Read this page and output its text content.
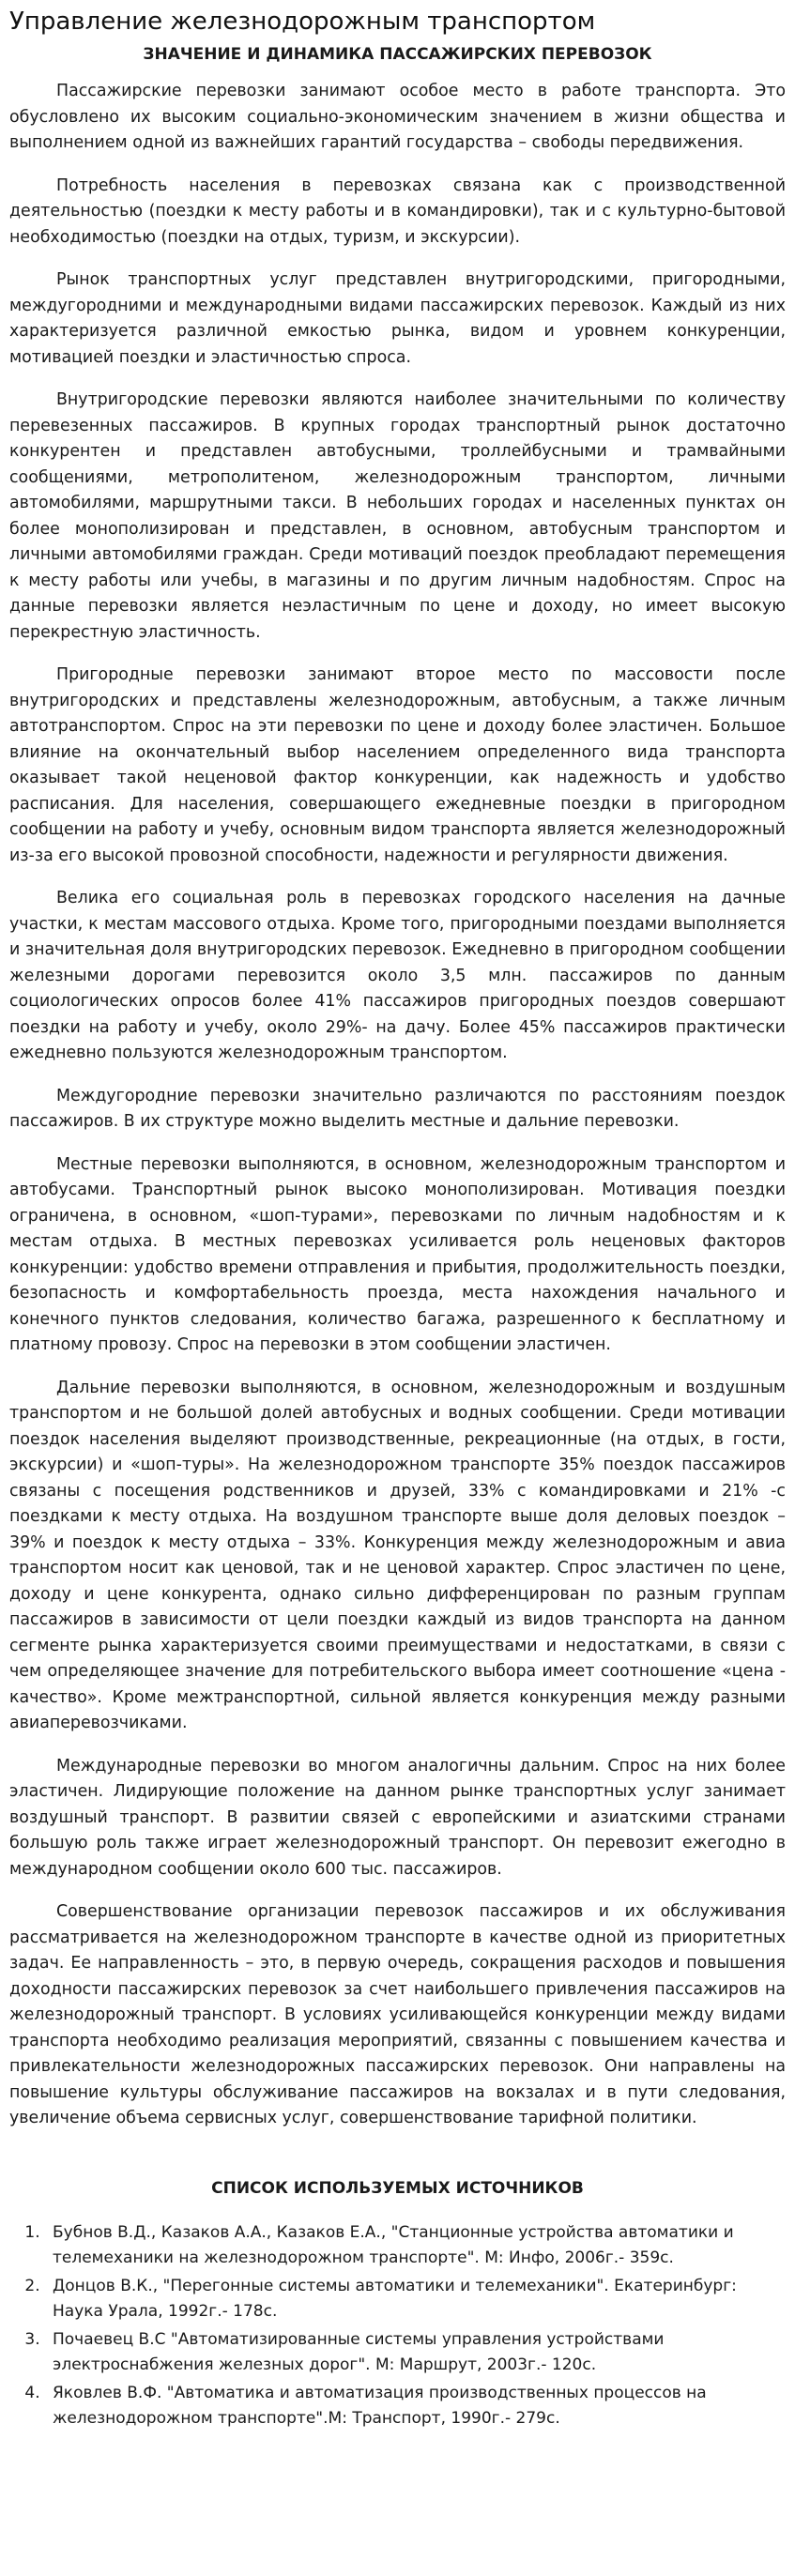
Управление железнодорожным транспортом
ЗНАЧЕНИЕ И ДИНАМИКА ПАССАЖИРСКИХ ПЕРЕВОЗОК

Пассажирские перевозки занимают особое место в работе транспорта. Это обусловлено их высоким социально-экономическим значением в жизни общества и выполнением одной из важнейших гарантий государства – свободы передвижения.

Потребность населения в перевозках связана как с производственной деятельностью (поездки к месту работы и в командировки), так и с культурно-бытовой необходимостью (поездки на отдых, туризм, и экскурсии).

Рынок транспортных услуг представлен внутригородскими, пригородными, междугородними и международными видами пассажирских перевозок. Каждый из них характеризуется различной емкостью рынка, видом и уровнем конкуренции, мотивацией поездки и эластичностью спроса.

Внутригородские перевозки являются наиболее значительными по количеству перевезенных пассажиров. В крупных городах транспортный рынок достаточно конкурентен и представлен автобусными, троллейбусными и трамвайными сообщениями, метрополитеном, железнодорожным транспортом, личными автомобилями, маршрутными такси. В небольших городах и населенных пунктах он более монополизирован и представлен, в основном, автобусным транспортом и личными автомобилями граждан. Среди мотиваций поездок преобладают перемещения к месту работы или учебы, в магазины и по другим личным надобностям. Спрос на данные перевозки является неэластичным по цене и доходу, но имеет высокую перекрестную эластичность.

Пригородные перевозки занимают второе место по массовости после внутригородских и представлены железнодорожным, автобусным, а также личным автотранспортом. Спрос на эти перевозки по цене и доходу более эластичен. Большое влияние на окончательный выбор населением определенного вида транспорта оказывает такой неценовой фактор конкуренции, как надежность и удобство расписания. Для населения, совершающего ежедневные поездки в пригородном сообщении на работу и учебу, основным видом транспорта является железнодорожный из-за его высокой провозной способности, надежности и регулярности движения.

Велика его социальная роль в перевозках городского населения на дачные участки, к местам массового отдыха. Кроме того, пригородными поездами выполняется и значительная доля внутригородских перевозок. Ежедневно в пригородном сообщении железными дорогами перевозится около 3,5 млн. пассажиров по данным социологических опросов более 41% пассажиров пригородных поездов совершают поездки на работу и учебу, около 29%- на дачу. Более 45% пассажиров практически ежедневно пользуются железнодорожным транспортом.

Междугородние перевозки значительно различаются по расстояниям поездок пассажиров. В их структуре можно выделить местные и дальние перевозки.

Местные перевозки выполняются, в основном, железнодорожным транспортом и автобусами. Транспортный рынок высоко монополизирован. Мотивация поездки ограничена, в основном, «шоп-турами», перевозками по личным надобностям и к местам отдыха. В местных перевозках усиливается роль неценовых факторов конкуренции: удобство времени отправления и прибытия, продолжительность поездки, безопасность и комфортабельность проезда, места нахождения начального и конечного пунктов следования, количество багажа, разрешенного к бесплатному и платному провозу. Спрос на перевозки в этом сообщении эластичен.

Дальние перевозки выполняются, в основном, железнодорожным и воздушным транспортом и не большой долей автобусных и водных сообщении. Среди мотивации поездок населения выделяют производственные, рекреационные (на отдых, в гости, экскурсии) и «шоп-туры». На железнодорожном транспорте 35% поездок пассажиров связаны с посещения родственников и друзей, 33% с командировками и 21% -с поездками к месту отдыха. На воздушном транспорте выше доля деловых поездок – 39% и поездок к месту отдыха – 33%. Конкуренция между железнодорожным и авиа транспортом носит как ценовой, так и не ценовой характер. Спрос эластичен по цене, доходу и цене конкурента, однако сильно дифференцирован по разным группам пассажиров в зависимости от цели поездки каждый из видов транспорта на данном сегменте рынка характеризуется своими преимуществами и недостатками, в связи с чем определяющее значение для потребительского выбора имеет соотношение «цена - качество». Кроме межтранспортной, сильной является конкуренция между разными авиаперевозчиками.

Международные перевозки во многом аналогичны дальним. Спрос на них более эластичен. Лидирующие положение на данном рынке транспортных услуг занимает воздушный транспорт. В развитии связей с европейскими и азиатскими странами большую роль также играет железнодорожный транспорт. Он перевозит ежегодно в международном сообщении около 600 тыс. пассажиров.

Совершенствование организации перевозок пассажиров и их обслуживания рассматривается на железнодорожном транспорте в качестве одной из приоритетных задач. Ее направленность – это, в первую очередь, сокращения расходов и повышения доходности пассажирских перевозок за счет наибольшего привлечения пассажиров на железнодорожный транспорт. В условиях усиливающейся конкуренции между видами транспорта необходимо реализация мероприятий, связанны с повышением качества и привлекательности железнодорожных пассажирских перевозок. Они направлены на повышение культуры обслуживание пассажиров на вокзалах и в пути следования, увеличение объема сервисных услуг, совершенствование тарифной политики.

СПИСОК ИСПОЛЬЗУЕМЫХ ИСТОЧНИКОВ
1. Бубнов В.Д., Казаков А.А., Казаков Е.А., "Станционные устройства автоматики и телемеханики на железнодорожном транспорте". М: Инфо, 2006г.- 359с.
2. Донцов В.К., "Перегонные системы автоматики и телемеханики". Екатеринбург: Наука Урала, 1992г.- 178с.
3. Почаевец В.С "Автоматизированные системы управления устройствами электроснабжения железных дорог". М: Маршрут, 2003г.- 120с.
4. Яковлев В.Ф. "Автоматика и автоматизация производственных процессов на железнодорожном транспорте".М: Транспорт, 1990г.- 279с.
